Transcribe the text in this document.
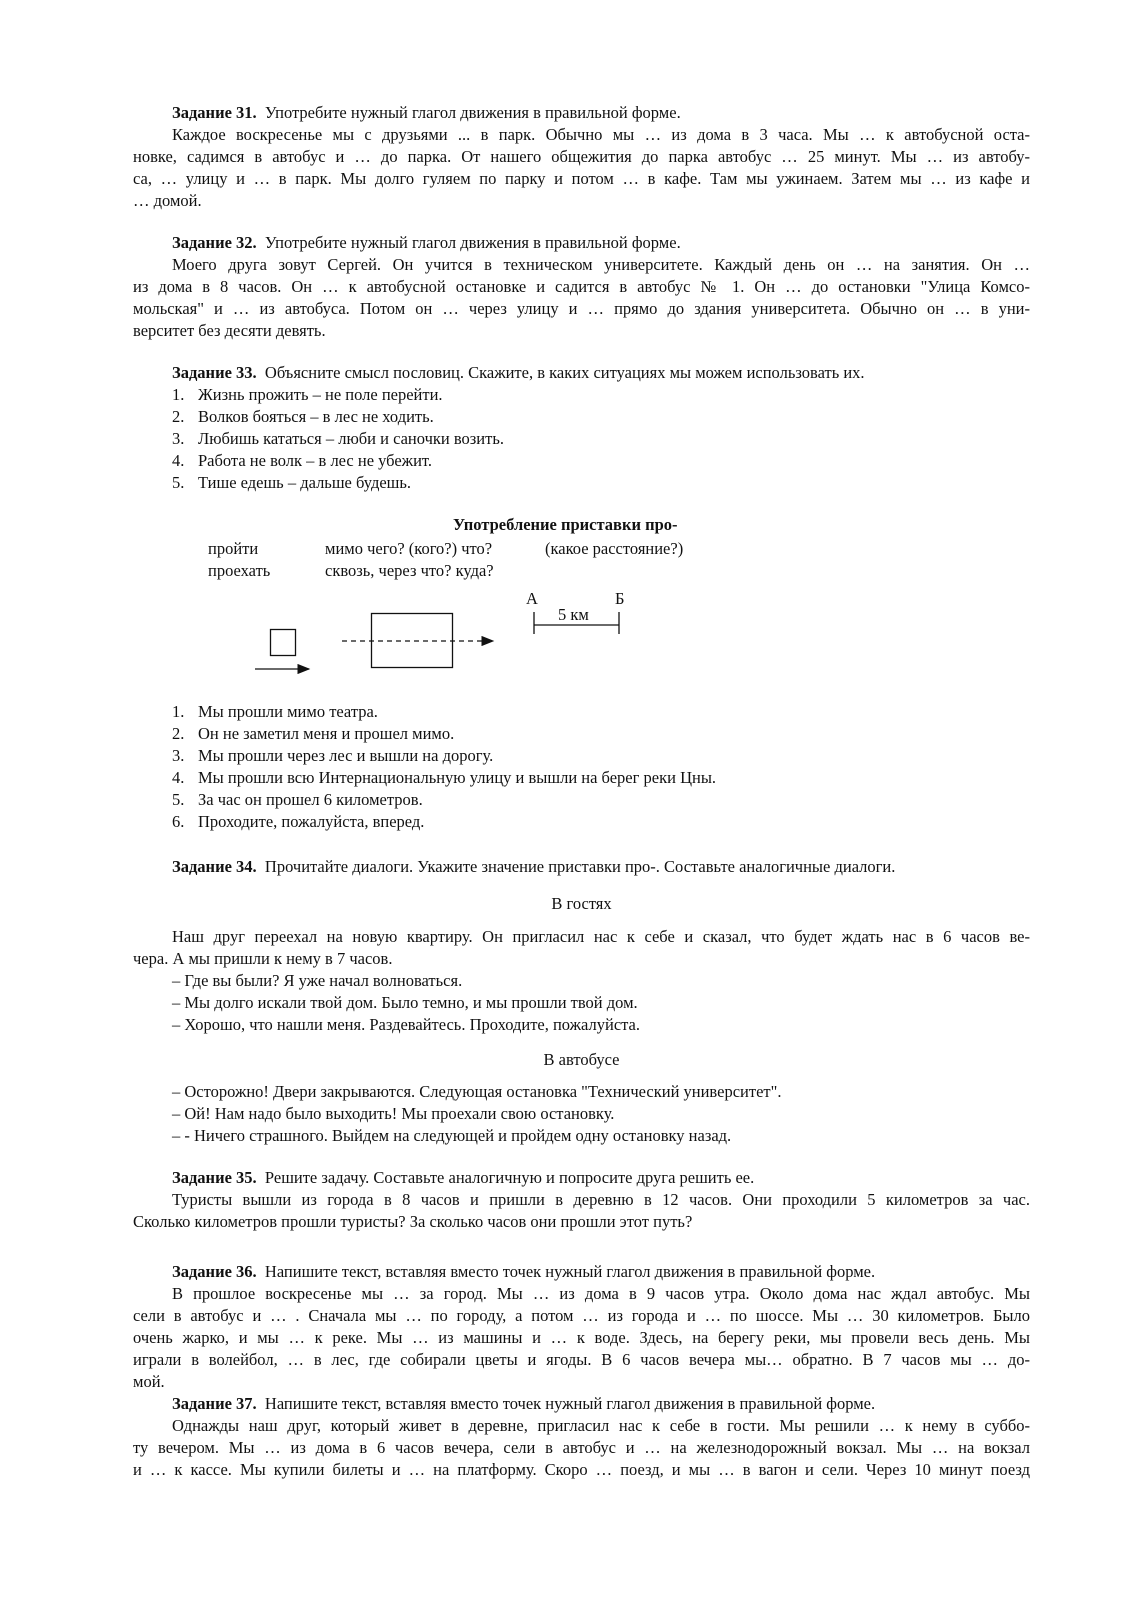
Задание 31. Употребите нужный глагол движения в правильной форме.
Каждое воскресенье мы с друзьями ... в парк. Обычно мы … из дома в 3 часа. Мы … к автобусной оста-
новке, садимся в автобус и … до парка. От нашего общежития до парка автобус … 25 минут. Мы … из автобу-
са, … улицу и … в парк. Мы долго гуляем по парку и потом … в кафе. Там мы ужинаем. Затем мы … из кафе и
… домой.
Задание 32. Употребите нужный глагол движения в правильной форме.
Моего друга зовут Сергей. Он учится в техническом университете. Каждый день он … на занятия. Он …
из дома в 8 часов. Он … к автобусной остановке и садится в автобус № 1. Он … до остановки "Улица Комсо-
мольская" и … из автобуса. Потом он … через улицу и … прямо до здания университета. Обычно он … в уни-
верситет без десяти девять.
Задание 33. Объясните смысл пословиц. Скажите, в каких ситуациях мы можем использовать их.
1. Жизнь прожить – не поле перейти.
2. Волков бояться – в лес не ходить.
3. Любишь кататься – люби и саночки возить.
4. Работа не волк – в лес не убежит.
5. Тише едешь – дальше будешь.
Употребление приставки про-
пройти
проехать
мимо чего? (кого?) что?
сквозь, через что? куда?
(какое расстояние?)
А	Б
5 км
1. Мы прошли мимо театра.
2. Он не заметил меня и прошел мимо.
3. Мы прошли через лес и вышли на дорогу.
4. Мы прошли всю Интернациональную улицу и вышли на берег реки Цны.
5. За час он прошел 6 километров.
6. Проходите, пожалуйста, вперед.
Задание 34. Прочитайте диалоги. Укажите значение приставки про-. Составьте аналогичные диалоги.
В гостях
Наш друг переехал на новую квартиру. Он пригласил нас к себе и сказал, что будет ждать нас в 6 часов ве-
чера. А мы пришли к нему в 7 часов.
– Где вы были? Я уже начал волноваться.
– Мы долго искали твой дом. Было темно, и мы прошли твой дом.
– Хорошо, что нашли меня. Раздевайтесь. Проходите, пожалуйста.
В автобусе
– Осторожно! Двери закрываются. Следующая остановка "Технический университет".
– Ой! Нам надо было выходить! Мы проехали свою остановку.
– - Ничего страшного. Выйдем на следующей и пройдем одну остановку назад.
Задание 35. Решите задачу. Составьте аналогичную и попросите друга решить ее.
Туристы вышли из города в 8 часов и пришли в деревню в 12 часов. Они проходили 5 километров за час.
Сколько километров прошли туристы? За сколько часов они прошли этот путь?
Задание 36. Напишите текст, вставляя вместо точек нужный глагол движения в правильной форме.
В прошлое воскресенье мы … за город. Мы … из дома в 9 часов утра. Около дома нас ждал автобус. Мы
сели в автобус и … . Сначала мы … по городу, а потом … из города и … по шоссе. Мы … 30 километров. Было
очень жарко, и мы … к реке. Мы … из машины и … к воде. Здесь, на берегу реки, мы провели весь день. Мы
играли в волейбол, … в лес, где собирали цветы и ягоды. В 6 часов вечера мы… обратно. В 7 часов мы … до-
мой.
Задание 37. Напишите текст, вставляя вместо точек нужный глагол движения в правильной форме.
Однажды наш друг, который живет в деревне, пригласил нас к себе в гости. Мы решили … к нему в суббо-
ту вечером. Мы … из дома в 6 часов вечера, сели в автобус и … на железнодорожный вокзал. Мы … на вокзал
и … к кассе. Мы купили билеты и … на платформу. Скоро … поезд, и мы … в вагон и сели. Через 10 минут поезд
